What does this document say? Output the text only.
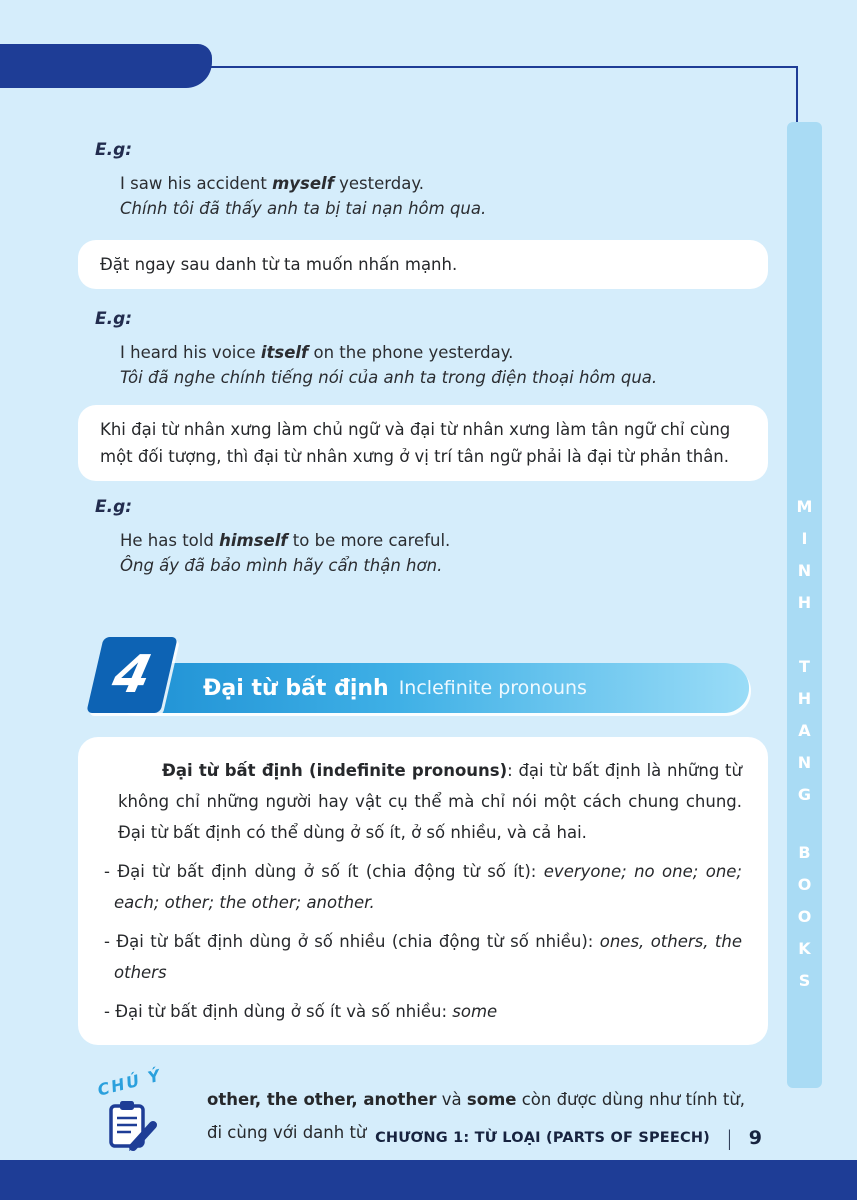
MINH THANG
BOOKS
E.g:
I saw his accident myself yesterday.
Chính tôi đã thấy anh ta bị tai nạn hôm qua.
Đặt ngay sau danh từ ta muốn nhấn mạnh.
E.g:
I heard his voice itself on the phone yesterday.
Tôi đã nghe chính tiếng nói của anh ta trong điện thoại hôm qua.
Khi đại từ nhân xưng làm chủ ngữ và đại từ nhân xưng làm tân ngữ chỉ cùng một đối tượng, thì đại từ nhân xưng ở vị trí tân ngữ phải là đại từ phản thân.
E.g:
He has told himself to be more careful.
Ông ấy đã bảo mình hãy cẩn thận hơn.
Đại từ bất định Inclefinite pronouns
4

Đại từ bất định (indefinite pronouns): đại từ bất định là những từ không chỉ những người hay vật cụ thể mà chỉ nói một cách chung chung. Đại từ bất định có thể dùng ở số ít, ở số nhiều, và cả hai.

- Đại từ bất định dùng ở số ít (chia động từ số ít): everyone; no one; one; each; other; the other; another.
- Đại từ bất định dùng ở số nhiều (chia động từ số nhiều): ones, others, the others
- Đại từ bất định dùng ở số ít và số nhiều: some
CHÚ Ý	other, the other, another và some còn được dùng như tính từ, đi cùng với danh từ CHƯƠNG 1: TỪ LOẠI (PARTS OF SPEECH) | 9
